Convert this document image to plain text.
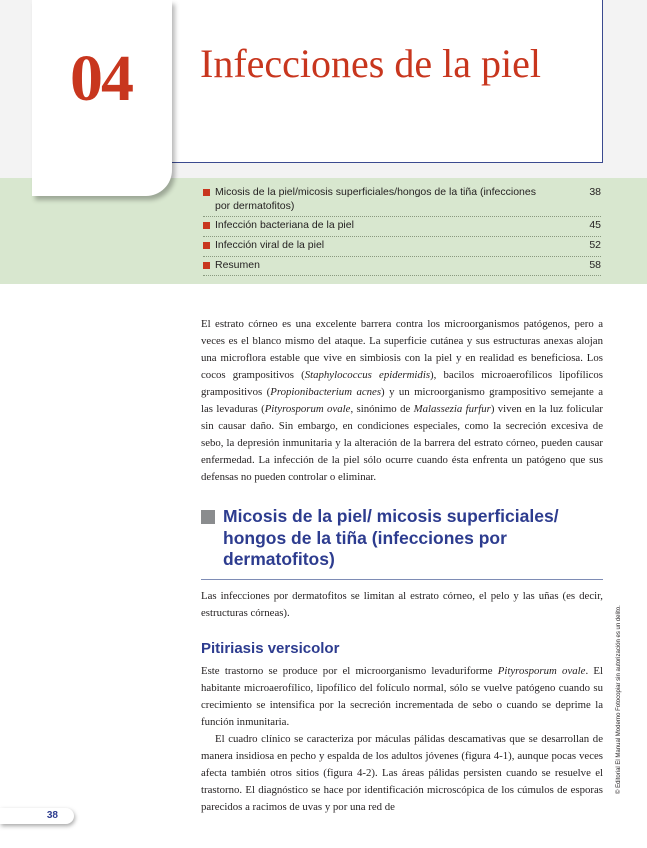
04	Infecciones de la piel
Micosis de la piel/micosis superficiales/hongos de la tiña (infecciones por dermatofitos)
38
Infección bacteriana de la piel	45
Infección viral de la piel	52
Resumen	58

El estrato córneo es una excelente barrera contra los microorganismos patógenos, pero a veces es el blanco mismo del ataque. La superficie cutánea y sus estructuras anexas alojan una microflora estable que vive en simbiosis con la piel y en realidad es beneficiosa. Los cocos grampositivos (Staphylococcus epidermidis), bacilos microaerofílicos lipofílicos grampositivos (Propionibacterium acnes) y un microorganismo grampositivo semejante a las levaduras (Pityrosporum ovale, sinónimo de Malassezia furfur) viven en la luz folicular sin causar daño. Sin embargo, en condiciones especiales, como la secreción excesiva de sebo, la depresión inmunitaria y la alteración de la barrera del estrato córneo, pueden causar enfermedad. La infección de la piel sólo ocurre cuando ésta enfrenta un patógeno que sus defensas no pueden controlar o eliminar.

Micosis de la piel/ micosis superficiales/ hongos de la tiña (infecciones por dermatofitos)

Las infecciones por dermatofitos se limitan al estrato córneo, el pelo y las uñas (es decir, estructuras córneas).

Pitiriasis versicolor

Este trastorno se produce por el microorganismo levaduriforme Pityrosporum ovale. El habitante microaerofílico, lipofílico del folículo normal, sólo se vuelve patógeno cuando su crecimiento se intensifica por la secreción incrementada de sebo o cuando se deprime la función inmunitaria.

El cuadro clínico se caracteriza por máculas pálidas descamativas que se desarrollan de manera insidiosa en pecho y espalda de los adultos jóvenes (figura 4-1), aunque pocas veces afecta también otros sitios (figura 4-2). Las áreas pálidas persisten cuando se resuelve el trastorno. El diagnóstico se hace por identificación microscópica de los cúmulos de esporas parecidos a racimos de uvas y por una red de

© Editorial El Manual Moderno Fotocopiar sin autorización es un delito.
38
